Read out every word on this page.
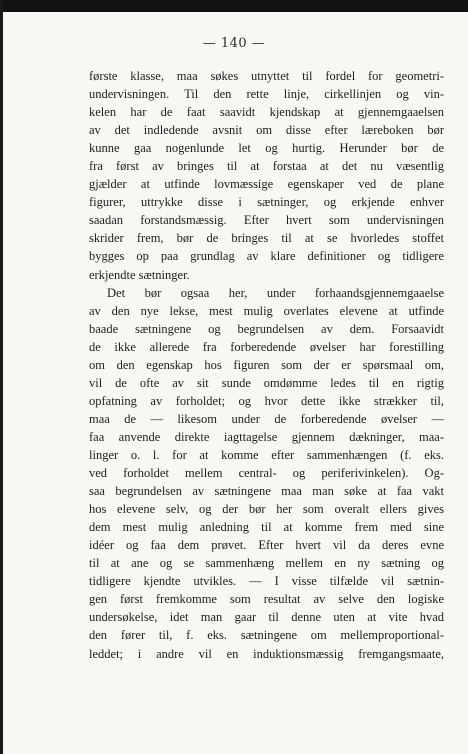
— 140 —
første klasse, maa søkes utnyttet til fordel for geometri-
undervisningen. Til den rette linje, cirkellinjen og vin-
kelen har de faat saavidt kjendskap at gjennemgaaelsen
av det indledende avsnit om disse efter læreboken bør
kunne gaa nogenlunde let og hurtig. Herunder bør de
fra først av bringes til at forstaa at det nu væsentlig
gjælder at utfinde lovmæssige egenskaper ved de plane
figurer, uttrykke disse i sætninger, og erkjende enhver
saadan forstandsmæssig. Efter hvert som undervisningen
skrider frem, bør de bringes til at se hvorledes stoffet
bygges op paa grundlag av klare definitioner og tidligere
erkjendte sætninger.
Det bør ogsaa her, under forhaandsgjennemgaaelse
av den nye lekse, mest mulig overlates elevene at utfinde
baade sætningene og begrundelsen av dem. Forsaavidt
de ikke allerede fra forberedende øvelser har forestilling
om den egenskap hos figuren som der er spørsmaal om,
vil de ofte av sit sunde omdømme ledes til en rigtig
opfatning av forholdet; og hvor dette ikke strækker til,
maa de — likesom under de forberedende øvelser —
faa anvende direkte iagttagelse gjennem dækninger, maa-
linger o. l. for at komme efter sammenhængen (f. eks.
ved forholdet mellem central- og periferivinkelen). Og-
saa begrundelsen av sætningene maa man søke at faa vakt
hos elevene selv, og der bør her som overalt ellers gives
dem mest mulig anledning til at komme frem med sine
idéer og faa dem prøvet. Efter hvert vil da deres evne
til at ane og se sammenhæng mellem en ny sætning og
tidligere kjendte utvikles. — I visse tilfælde vil sætnin-
gen først fremkomme som resultat av selve den logiske
undersøkelse, idet man gaar til denne uten at vite hvad
den fører til, f. eks. sætningene om mellemproportional-
leddet; i andre vil en induktionsmæssig fremgangsmaate,
